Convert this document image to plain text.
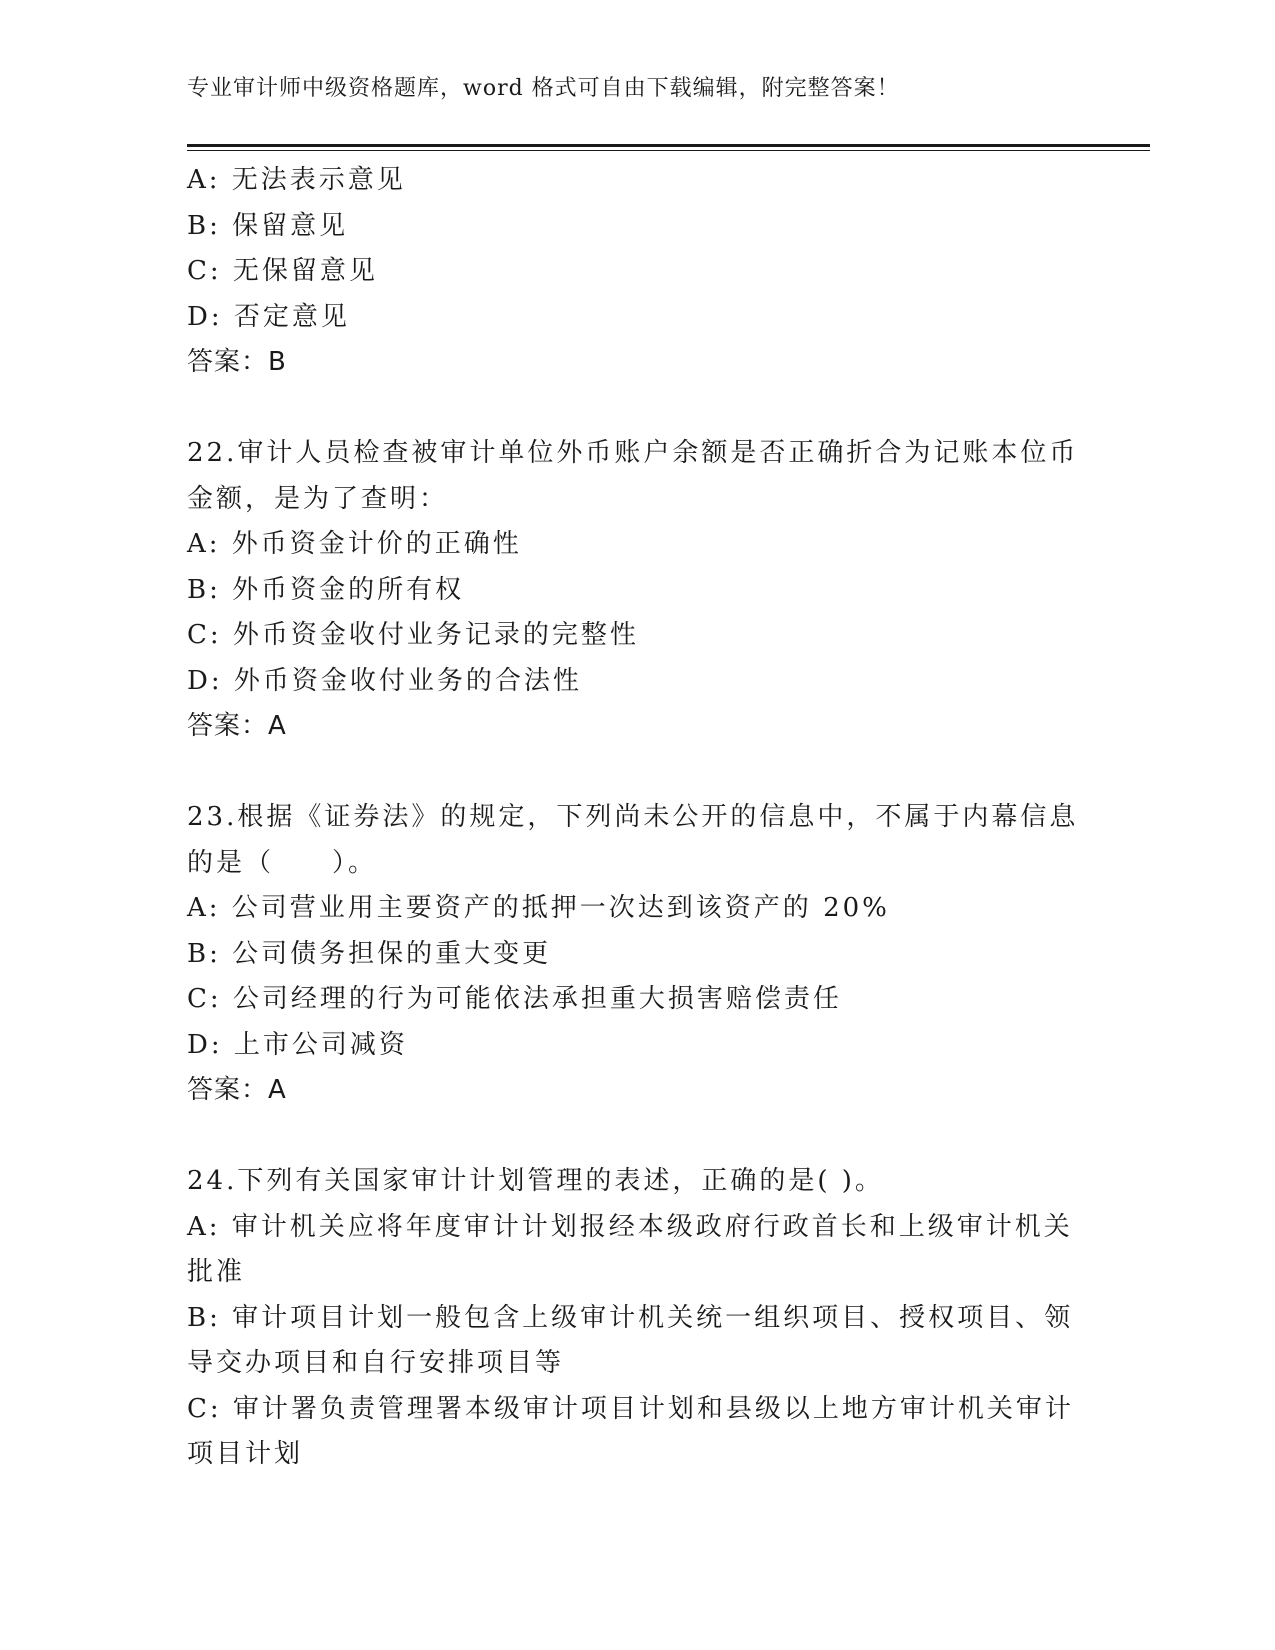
专业审计师中级资格题库，word 格式可自由下载编辑，附完整答案！
A: 无法表示意见
B: 保留意见
C: 无保留意见
D: 否定意见
答案：B
22.审计人员检查被审计单位外币账户余额是否正确折合为记账本位币
金额，是为了查明：
A: 外币资金计价的正确性
B: 外币资金的所有权
C: 外币资金收付业务记录的完整性
D: 外币资金收付业务的合法性
答案：A
23.根据《证券法》的规定，下列尚未公开的信息中，不属于内幕信息
的是（　　）。
A: 公司营业用主要资产的抵押一次达到该资产的 20%
B: 公司债务担保的重大变更
C: 公司经理的行为可能依法承担重大损害赔偿责任
D: 上市公司减资
答案：A
24.下列有关国家审计计划管理的表述，正确的是( )。
A: 审计机关应将年度审计计划报经本级政府行政首长和上级审计机关
批准
B: 审计项目计划一般包含上级审计机关统一组织项目、授权项目、领
导交办项目和自行安排项目等
C: 审计署负责管理署本级审计项目计划和县级以上地方审计机关审计
项目计划
